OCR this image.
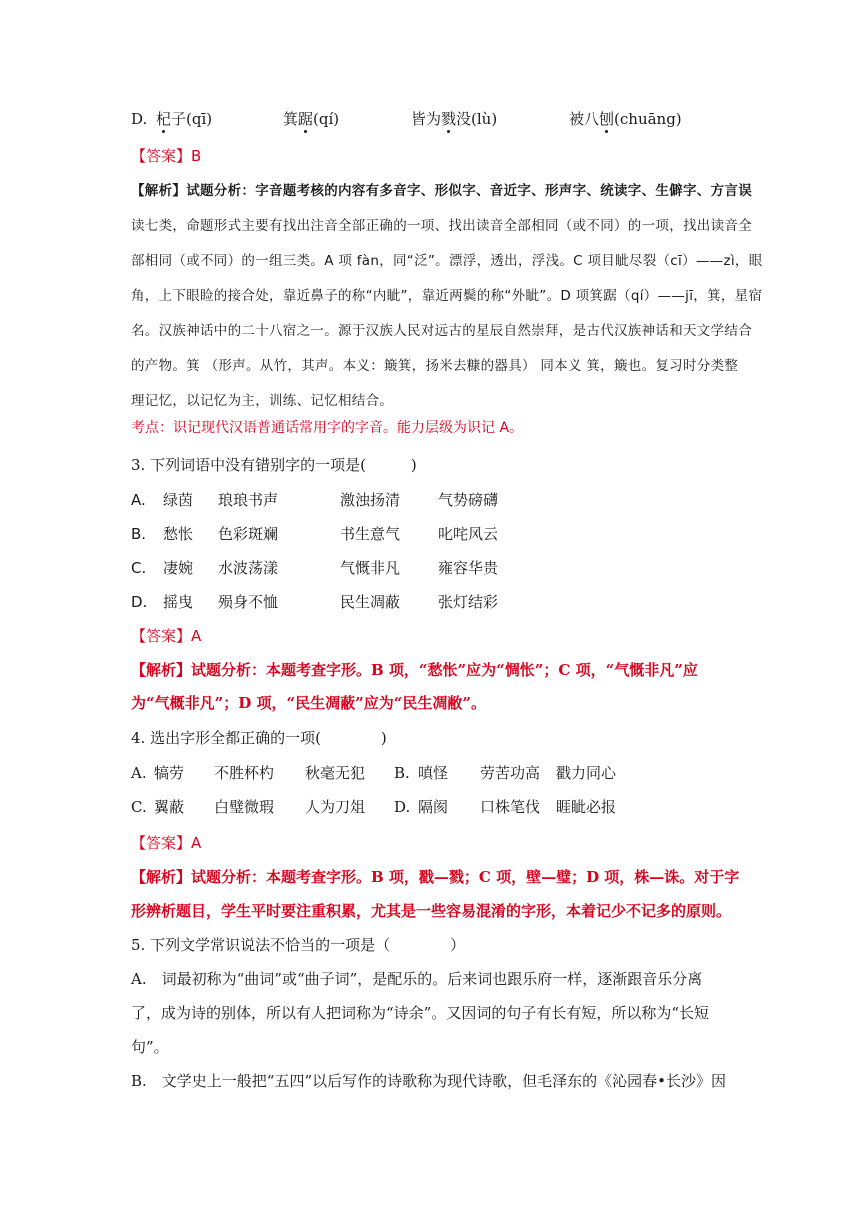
D. 杞子(qī)	箕踞(qí)	皆为戮没(lù)	被八刨(chuāng)
【答案】B
【解析】试题分析：字音题考核的内容有多音字、形似字、音近字、形声字、统读字、生僻字、方言误
读七类，命题形式主要有找出注音全部正确的一项、找出读音全部相同（或不同）的一项，找出读音全
部相同（或不同）的一组三类。A 项 fàn，同“泛”。漂浮，透出，浮浅。C 项目眦尽裂（cī）——zì，眼
角，上下眼睑的接合处，靠近鼻子的称“内眦”，靠近两鬓的称“外眦”。D 项箕踞（qí）——jī，箕，星宿
名。汉族神话中的二十八宿之一。源于汉族人民对远古的星辰自然崇拜，是古代汉族神话和天文学结合
的产物。箕 （形声。从竹，其声。本义：簸箕，扬米去糠的器具） 同本义 箕，簸也。复习时分类整
理记忆，以记忆为主，训练、记忆相结合。
考点：识记现代汉语普通话常用字的字音。能力层级为识记 A。
3. 下列词语中没有错别字的一项是(　　　)
A. 绿茵 琅琅书声	激浊扬清	气势磅礴
B. 愁怅 色彩斑斓	书生意气	叱咤风云
C. 凄婉 水波荡漾	气慨非凡	雍容华贵
D. 摇曳 殒身不恤	民生凋蔽	张灯结彩
【答案】A
【解析】试题分析：本题考查字形。B 项，“愁怅”应为“惆怅”；C 项，“气慨非凡”应
为“气概非凡”；D 项，“民生凋蔽”应为“民生凋敝”。
4. 选出字形全都正确的一项(　　　　)
A. 犒劳 不胜杯杓 秋毫无犯 B. 嗔怪 劳苦功高 戳力同心
C. 翼蔽 白璧微瑕 人为刀俎 D. 隔阂 口株笔伐 睚眦必报
【答案】A
【解析】试题分析：本题考查字形。B 项，戳—戮；C 项，壁—璧；D 项，株—诛。对于字
形辨析题目，学生平时要注重积累，尤其是一些容易混淆的字形，本着记少不记多的原则。
5. 下列文学常识说法不恰当的一项是（　　　　）
A.　词最初称为“曲词”或“曲子词”，是配乐的。后来词也跟乐府一样，逐渐跟音乐分离
了，成为诗的别体，所以有人把词称为“诗余”。又因词的句子有长有短，所以称为“长短
句”。
B.　文学史上一般把“五四”以后写作的诗歌称为现代诗歌，但毛泽东的《沁园春•长沙》因
